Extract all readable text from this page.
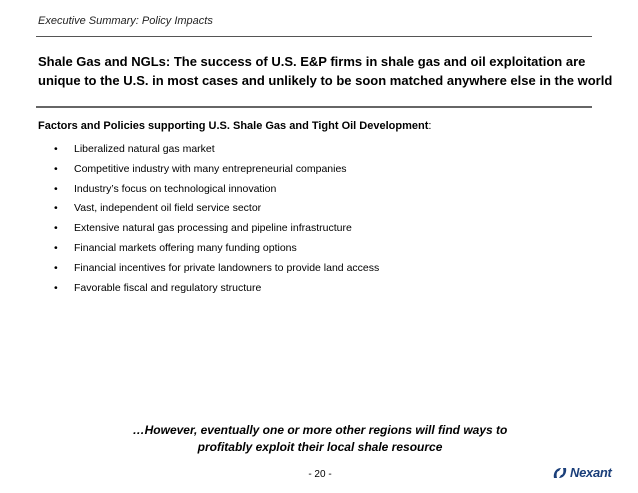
Executive Summary: Policy Impacts
Shale Gas and NGLs: The success of U.S. E&P firms in shale gas and oil exploitation are
unique to the U.S. in most cases and unlikely to be soon matched anywhere else in the world
Factors and Policies supporting U.S. Shale Gas and Tight Oil Development:
• Liberalized natural gas market
• Competitive industry with many entrepreneurial companies
• Industry’s focus on technological innovation
• Vast, independent oil field service sector
• Extensive natural gas processing and pipeline infrastructure
• Financial markets offering many funding options
• Financial incentives for private landowners to provide land access
• Favorable fiscal and regulatory structure
…However, eventually one or more other regions will find ways to
profitably exploit their local shale resource
- 20 -	Nexant
